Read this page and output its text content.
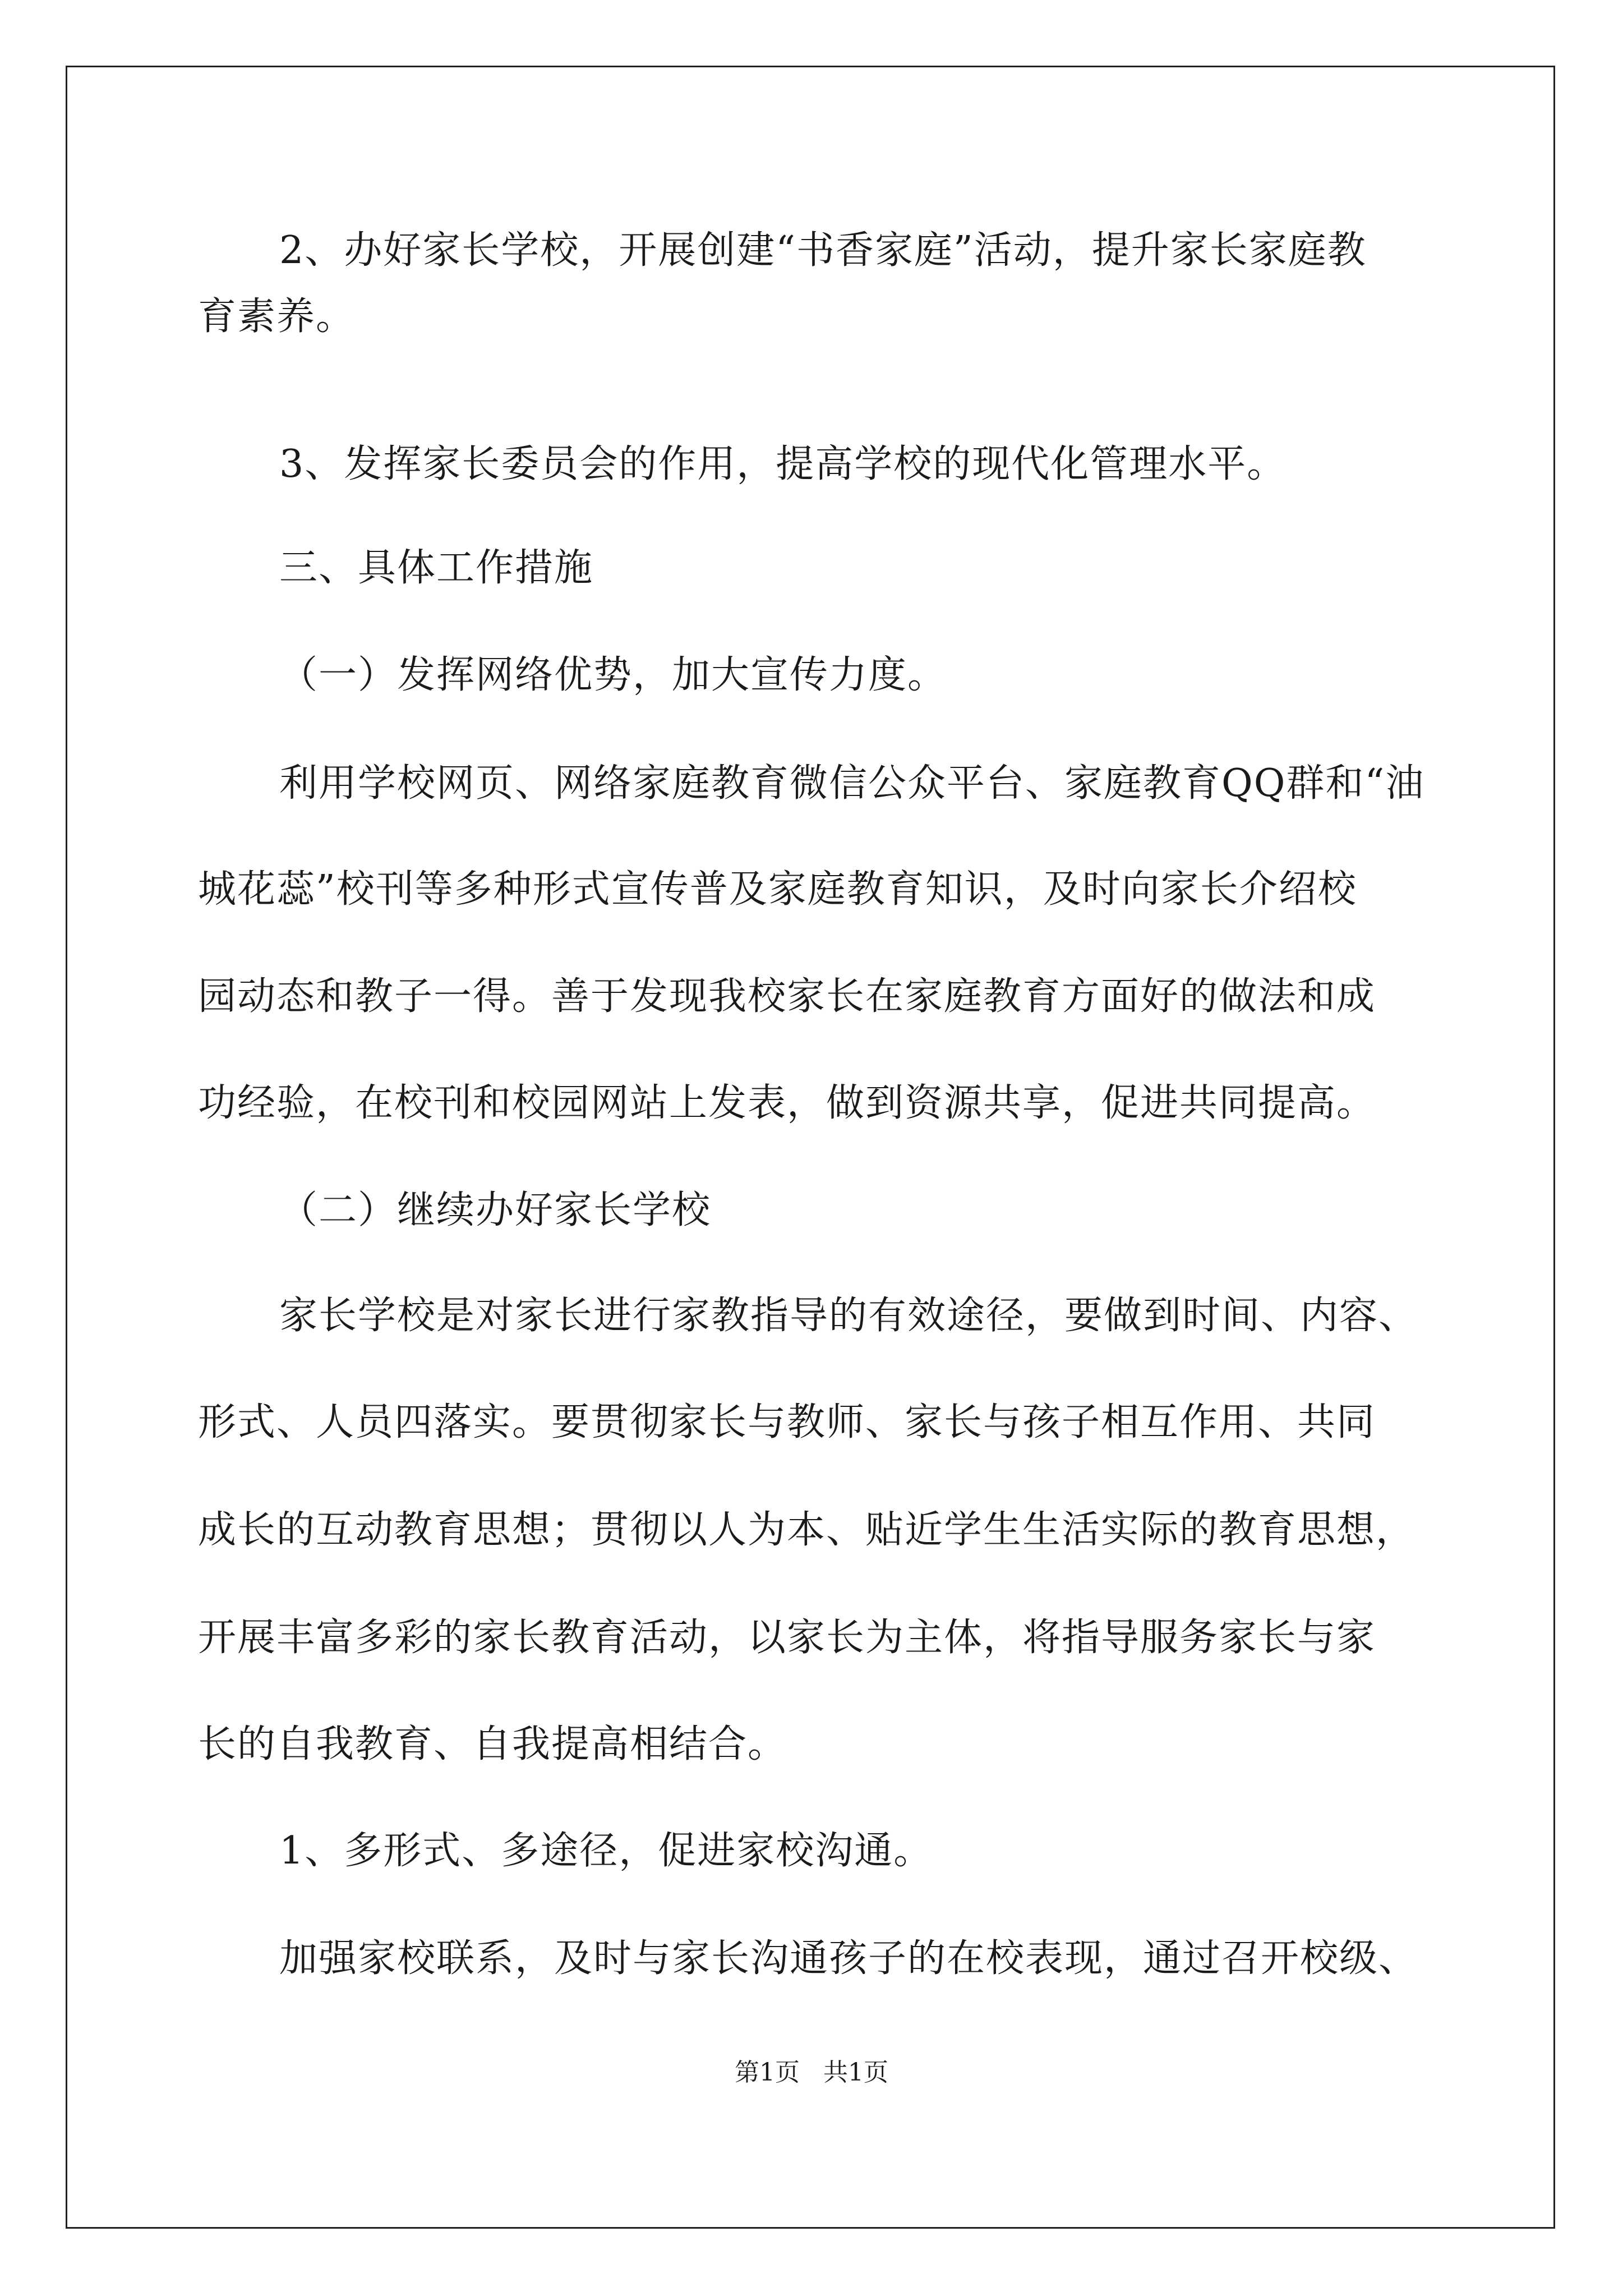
2、办好家长学校，开展创建“书香家庭”活动，提升家长家庭教
育素养。
3、发挥家长委员会的作用，提高学校的现代化管理水平。
三、具体工作措施
（一）发挥网络优势，加大宣传力度。
利用学校网页、网络家庭教育微信公众平台、家庭教育QQ群和“油
城花蕊”校刊等多种形式宣传普及家庭教育知识，及时向家长介绍校
园动态和教子一得。善于发现我校家长在家庭教育方面好的做法和成
功经验，在校刊和校园网站上发表，做到资源共享，促进共同提高。
（二）继续办好家长学校
家长学校是对家长进行家教指导的有效途径，要做到时间、内容、
形式、人员四落实。要贯彻家长与教师、家长与孩子相互作用、共同
成长的互动教育思想；贯彻以人为本、贴近学生生活实际的教育思想，
开展丰富多彩的家长教育活动，以家长为主体，将指导服务家长与家
长的自我教育、自我提高相结合。
1、多形式、多途径，促进家校沟通。
加强家校联系，及时与家长沟通孩子的在校表现，通过召开校级、
第1页   共1页
